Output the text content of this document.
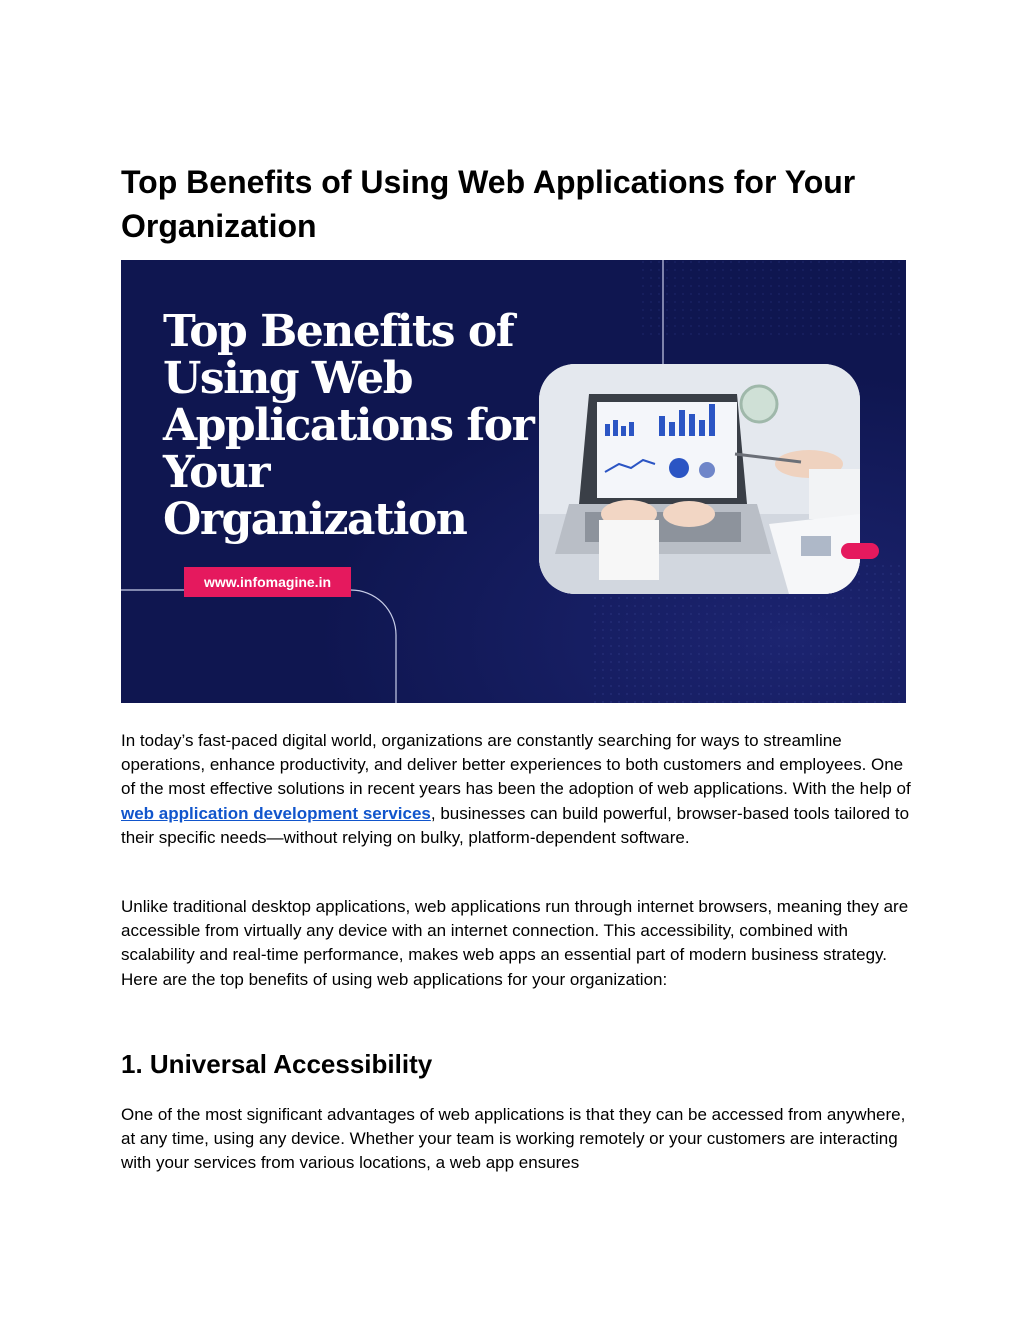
Top Benefits of Using Web Applications for Your Organization
Top Benefits of
Using Web
Applications for
Your
Organization
www.infomagine.in

In today’s fast-paced digital world, organizations are constantly searching for ways to streamline operations, enhance productivity, and deliver better experiences to both customers and employees. One of the most effective solutions in recent years has been the adoption of web applications. With the help of web application development services, businesses can build powerful, browser-based tools tailored to their specific needs—without relying on bulky, platform-dependent software.

Unlike traditional desktop applications, web applications run through internet browsers, meaning they are accessible from virtually any device with an internet connection. This accessibility, combined with scalability and real-time performance, makes web apps an essential part of modern business strategy. Here are the top benefits of using web applications for your organization:

1. Universal Accessibility

One of the most significant advantages of web applications is that they can be accessed from anywhere, at any time, using any device. Whether your team is working remotely or your customers are interacting with your services from various locations, a web app ensures
